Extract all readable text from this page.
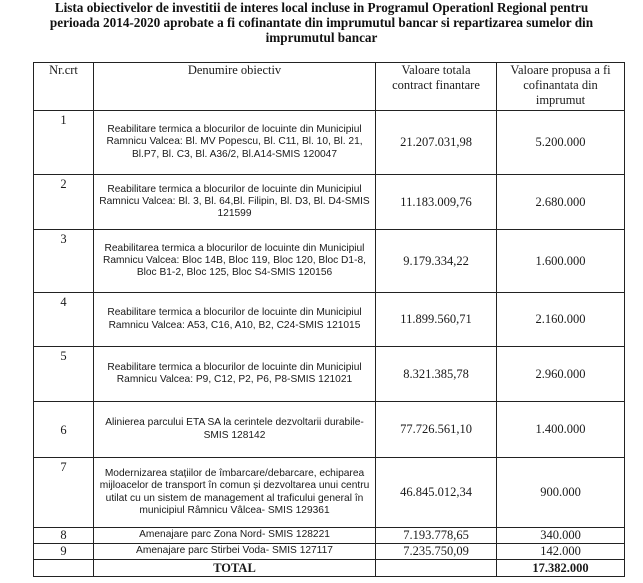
Lista obiectivelor de investitii de interes local incluse in Programul Operationl Regional pentru
perioada 2014-2020 aprobate a fi cofinantate din imprumutul bancar si repartizarea sumelor din
imprumutul bancar
Nr.crt	Denumire obiectiv	Valoare totala contract finantare	Valoare propusa a fi cofinantata din imprumut
1	Reabilitare termica a blocurilor de locuinte din Municipiul Ramnicu Valcea: Bl. MV Popescu, Bl. C11, Bl. 10, Bl. 21, Bl.P7, Bl. C3, Bl. A36/2, Bl.A14-SMIS 120047	21.207.031,98	5.200.000
2	Reabilitare termica a blocurilor de locuinte din Municipiul Ramnicu Valcea: Bl. 3, Bl. 64,Bl. Filipin, Bl. D3, Bl. D4-SMIS 121599	11.183.009,76	2.680.000
3	Reabilitarea termica a blocurilor de locuinte din Municipiul Ramnicu Valcea: Bloc 14B, Bloc 119, Bloc 120, Bloc D1-8, Bloc B1-2, Bloc 125, Bloc S4-SMIS 120156	9.179.334,22	1.600.000
4	Reabilitare termica a blocurilor de locuinte din Municipiul Ramnicu Valcea: A53, C16, A10, B2, C24-SMIS 121015	11.899.560,71	2.160.000
5	Reabilitare termica a blocurilor de locuinte din Municipiul Ramnicu Valcea: P9, C12, P2, P6, P8-SMIS 121021	8.321.385,78	2.960.000
6	Alinierea parcului ETA SA la cerintele dezvoltarii durabile-SMIS 128142	77.726.561,10	1.400.000
7	Modernizarea stațiilor de îmbarcare/debarcare, echiparea mijloacelor de transport în comun și dezvoltarea unui centru utilat cu un sistem de management al traficului general în municipiul Râmnicu Vâlcea- SMIS 129361	46.845.012,34	900.000
8	Amenajare parc Zona Nord- SMIS 128221	7.193.778,65	340.000
9	Amenajare parc Stirbei Voda- SMIS 127117	7.235.750,09	142.000
	TOTAL		17.382.000
